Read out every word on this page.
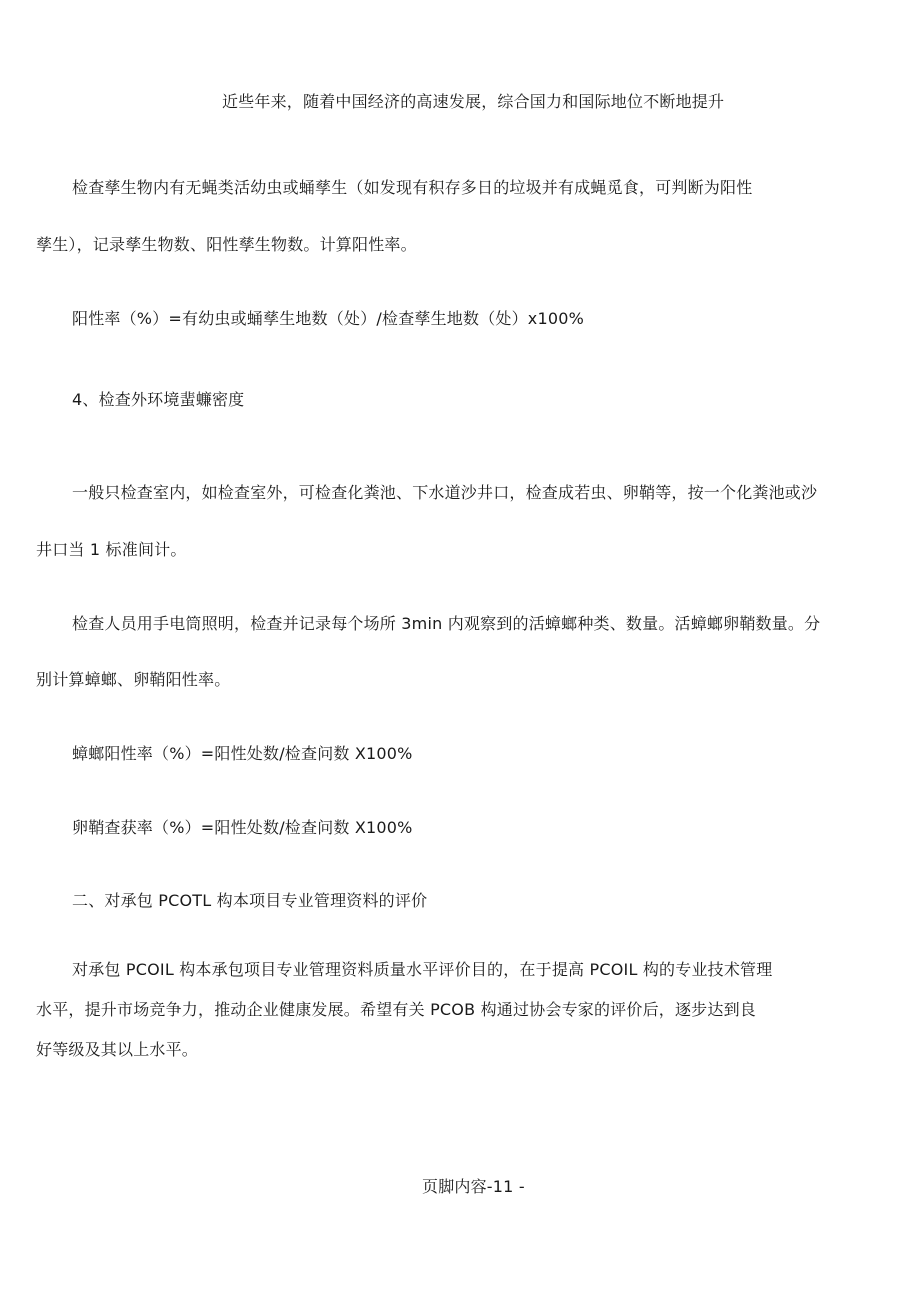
近些年来，随着中国经济的高速发展，综合国力和国际地位不断地提升
检查孳生物内有无蝇类活幼虫或蛹孳生（如发现有积存多日的垃圾并有成蝇觅食，可判断为阳性
孳生），记录孳生物数、阳性孳生物数。计算阳性率。
阳性率（%）=有幼虫或蛹孳生地数（处）/检查孳生地数（处）x100%
4、检查外环境蜚蠊密度
一般只检查室内，如检查室外，可检查化粪池、下水道沙井口，检查成若虫、卵鞘等，按一个化粪池或沙
井口当 1 标准间计。
检查人员用手电筒照明，检查并记录每个场所 3min 内观察到的活蟑螂种类、数量。活蟑螂卵鞘数量。分
别计算蟑螂、卵鞘阳性率。
蟑螂阳性率（%）=阳性处数/检查问数 X100%
卵鞘查获率（%）=阳性处数/检查问数 X100%
二、对承包 PCOTL 构本项目专业管理资料的评价
对承包 PCOIL 构本承包项目专业管理资料质量水平评价目的，在于提高 PCOIL 构的专业技术管理
水平，提升市场竞争力，推动企业健康发展。希望有关 PCOB 构通过协会专家的评价后，逐步达到良
好等级及其以上水平。
页脚内容-11 -
